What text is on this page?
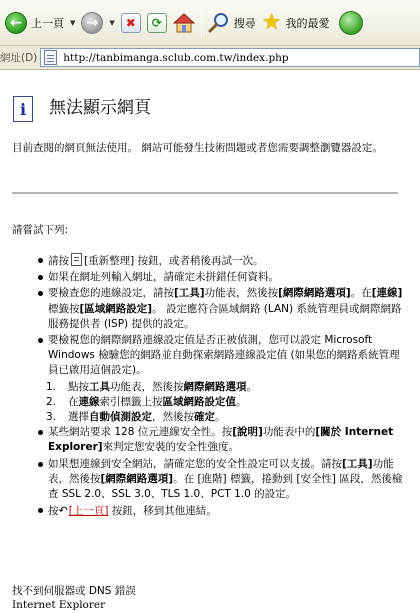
← 上一頁 ▼ →	▼ ✖	⟳	搜尋 ★ 我的最愛
網址(D) http://tanbimanga.sclub.com.tw/index.php
i	無法顯示網頁

目前查閱的網頁無法使用。 網站可能發生技術問題或者您需要調整瀏覽器設定。

請嘗試下列:

請按 [重新整理] 按鈕，或者稍後再試一次。
如果在網址列輸入網址，請確定未拼錯任何資料。
要檢查您的連線設定，請按[工具]功能表，然後按[網際網路選項]。在[連線]標籤按[區域網路設定]。 設定應符合區域網路 (LAN) 系統管理員或網際網路服務提供者 (ISP) 提供的設定。
要檢視您的網際網路連線設定值是否正被偵測，您可以設定 Microsoft Windows 檢驗您的網路並自動探索網路連線設定值 (如果您的網路系統管理員已啟用這個設定)。
1. 點按工具功能表，然後按網際網路選項。
2. 在連線索引標籤上按區域網路設定值。
3. 選擇自動偵測設定，然後按確定。
某些網站要求 128 位元連線安全性。按[說明]功能表中的[關於 Internet Explorer]來判定您安裝的安全性強度。
如果想連線到安全網站，請確定您的安全性設定可以支援。請按[工具]功能表，然後按[網際網路選項]。在 [進階] 標籤，捲動到 [安全性] 區段，然後檢查 SSL 2.0、SSL 3.0、TLS 1.0、PCT 1.0 的設定。
按↶[上一頁] 按鈕，移到其他連結。
找不到伺服器或 DNS 錯誤
Internet Explorer
